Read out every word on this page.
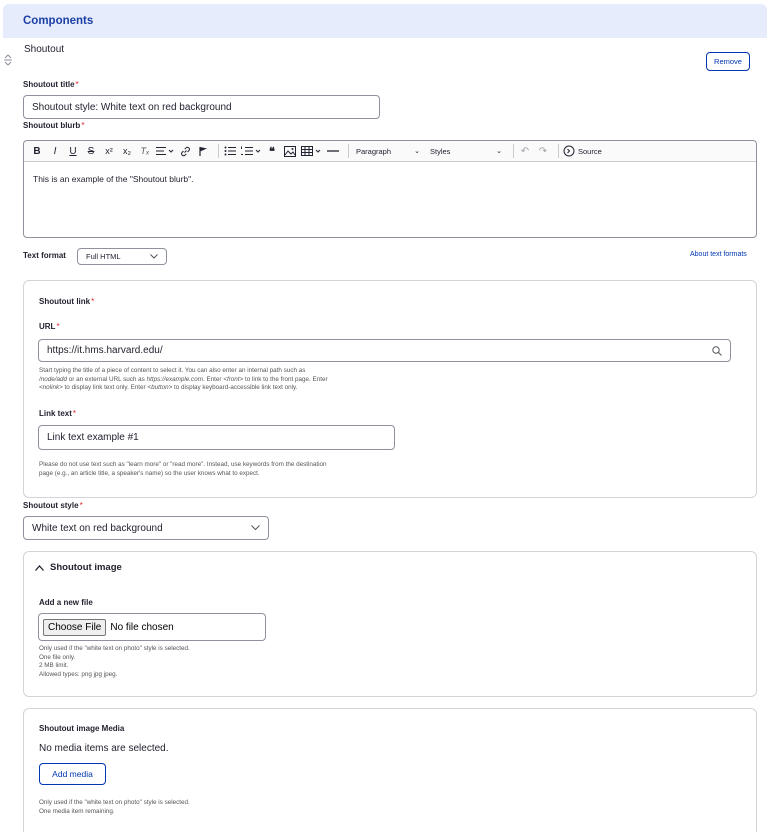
Components
Shoutout
Remove
Shoutout title*
Shoutout style: White text on red background
Shoutout blurb*
B	I	U	S	x²	x₂	Tₓ	❝	Paragraph	⌄ Styles	⌄ ↶ ↷	Source
This is an example of the "Shoutout blurb".
Text format	Full HTML	About text formats
Shoutout link*
URL*
https://it.hms.harvard.edu/
Start typing the title of a piece of content to select it. You can also enter an internal path such as
/node/add or an external URL such as https://example.com. Enter <front> to link to the front page. Enter
<nolink> to display link text only. Enter <button> to display keyboard-accessible link text only.
Link text*
Link text example #1
Please do not use text such as "learn more" or "read more". Instead, use keywords from the destination
page (e.g., an article title, a speaker's name) so the user knows what to expect.
Shoutout style*
White text on red background
Shoutout image
Add a new file
Choose File No file chosen
Only used if the "white text on photo" style is selected.
One file only.
2 MB limit.
Allowed types: png jpg jpeg.
Shoutout image Media
No media items are selected.
Add media
Only used if the "white text on photo" style is selected.
One media item remaining.
